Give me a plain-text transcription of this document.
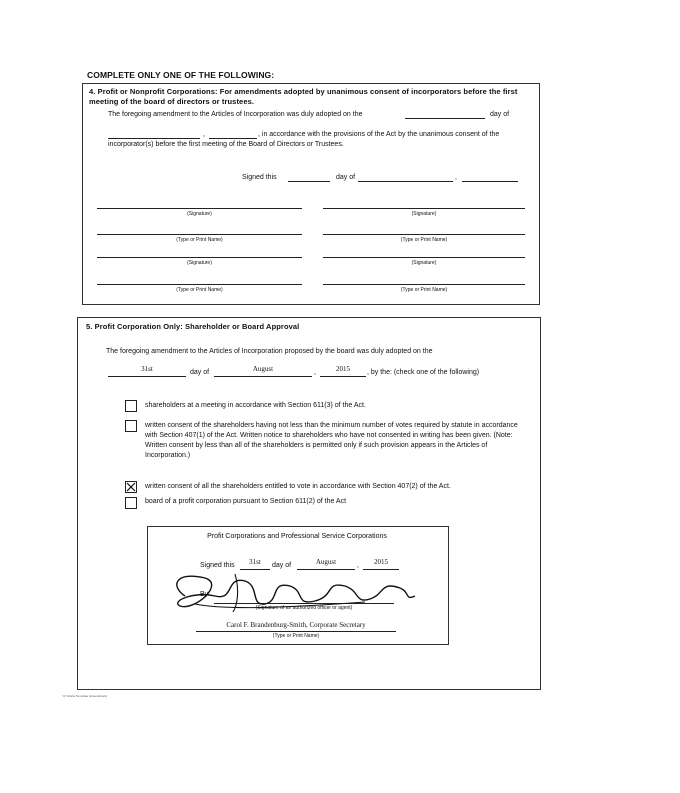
COMPLETE ONLY ONE OF THE FOLLOWING:
4. Profit or Nonprofit Corporations: For amendments adopted by unanimous consent of incorporators before the first meeting of the board of directors or trustees.
The foregoing amendment to the Articles of Incorporation was duly adopted on the	day of
,	, in accordance with the provisions of the Act by the unanimous consent of the
incorporator(s) before the first meeting of the Board of Directors or Trustees.
Signed this	day of	,
(Signature)
(Type or Print Name)
(Signature)
(Type or Print Name)
(Signature)
(Type or Print Name)
(Signature)
(Type or Print Name)
5. Profit Corporation Only: Shareholder or Board Approval
The foregoing amendment to the Articles of Incorporation proposed by the board was duly adopted on the
31st	day of	August	,	2015	, by the: (check one of the following)
shareholders at a meeting in accordance with Section 611(3) of the Act.
written consent of the shareholders having not less than the minimum number of votes required by statute in accordance with Section 407(1) of the Act. Written notice to shareholders who have not consented in writing has been given. (Note: Written consent by less than all of the shareholders is permitted only if such provision appears in the Articles of Incorporation.)
written consent of all the shareholders entitled to vote in accordance with Section 407(2) of the Act.
board of a profit corporation pursuant to Section 611(2) of the Act
Profit Corporations and Professional Service Corporations
Signed this	31st	day of	August	,	2015
By
(Signature of an authorized officer or agent)
Carol F. Brandenburg-Smith, Corporate Secretary
(Type or Print Name)
"A" Article Template (Amendment)
